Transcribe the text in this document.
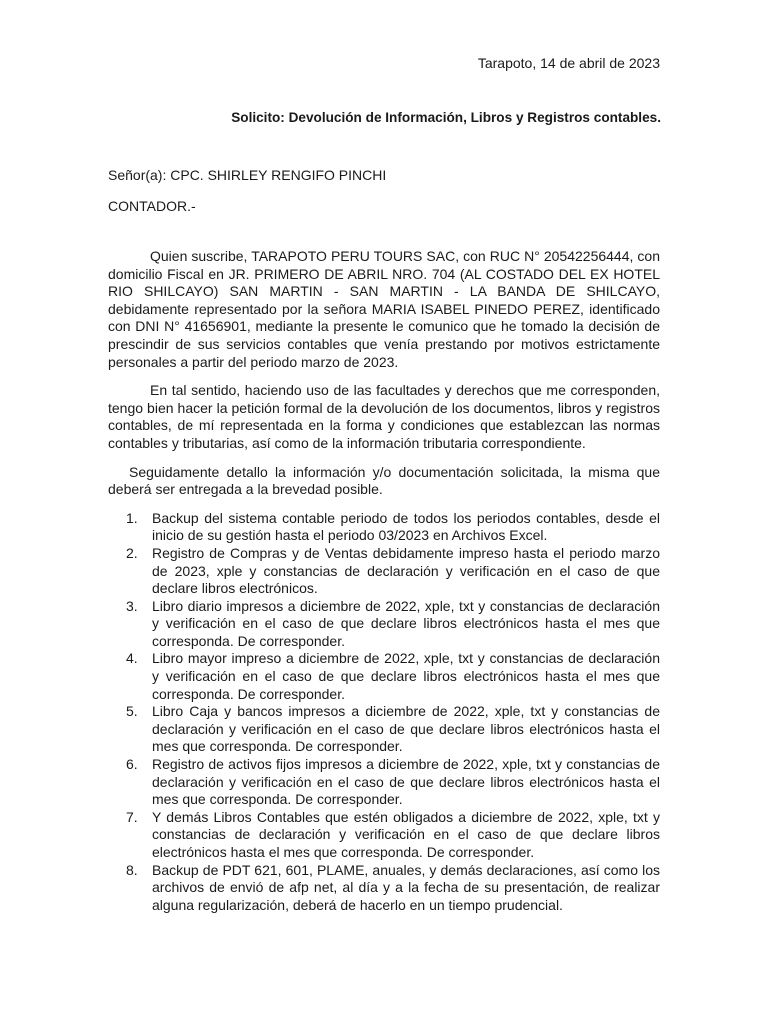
Tarapoto, 14 de abril de 2023
Solicito: Devolución de Información, Libros y Registros contables.
Señor(a): CPC. SHIRLEY RENGIFO PINCHI
CONTADOR.-

Quien suscribe, TARAPOTO PERU TOURS SAC, con RUC N° 20542256444, con domicilio Fiscal en JR. PRIMERO DE ABRIL NRO. 704 (AL COSTADO DEL EX HOTEL RIO SHILCAYO) SAN MARTIN - SAN MARTIN - LA BANDA DE SHILCAYO, debidamente representado por la señora MARIA ISABEL PINEDO PEREZ, identificado con DNI N° 41656901, mediante la presente le comunico que he tomado la decisión de prescindir de sus servicios contables que venía prestando por motivos estrictamente personales a partir del periodo marzo de 2023.

En tal sentido, haciendo uso de las facultades y derechos que me corresponden, tengo bien hacer la petición formal de la devolución de los documentos, libros y registros contables, de mí representada en la forma y condiciones que establezcan las normas contables y tributarias, así como de la información tributaria correspondiente.

Seguidamente detallo la información y/o documentación solicitada, la misma que deberá ser entregada a la brevedad posible.

1. Backup del sistema contable periodo de todos los periodos contables, desde el inicio de su gestión hasta el periodo 03/2023 en Archivos Excel.
2. Registro de Compras y de Ventas debidamente impreso hasta el periodo marzo de 2023, xple y constancias de declaración y verificación en el caso de que declare libros electrónicos.
3. Libro diario impresos a diciembre de 2022, xple, txt y constancias de declaración y verificación en el caso de que declare libros electrónicos hasta el mes que corresponda. De corresponder.
4. Libro mayor impreso a diciembre de 2022, xple, txt y constancias de declaración y verificación en el caso de que declare libros electrónicos hasta el mes que corresponda. De corresponder.
5. Libro Caja y bancos impresos a diciembre de 2022, xple, txt y constancias de declaración y verificación en el caso de que declare libros electrónicos hasta el mes que corresponda. De corresponder.
6. Registro de activos fijos impresos a diciembre de 2022, xple, txt y constancias de declaración y verificación en el caso de que declare libros electrónicos hasta el mes que corresponda. De corresponder.
7. Y demás Libros Contables que estén obligados a diciembre de 2022, xple, txt y constancias de declaración y verificación en el caso de que declare libros electrónicos hasta el mes que corresponda. De corresponder.
8. Backup de PDT 621, 601, PLAME, anuales, y demás declaraciones, así como los archivos de envió de afp net, al día y a la fecha de su presentación, de realizar alguna regularización, deberá de hacerlo en un tiempo prudencial.
